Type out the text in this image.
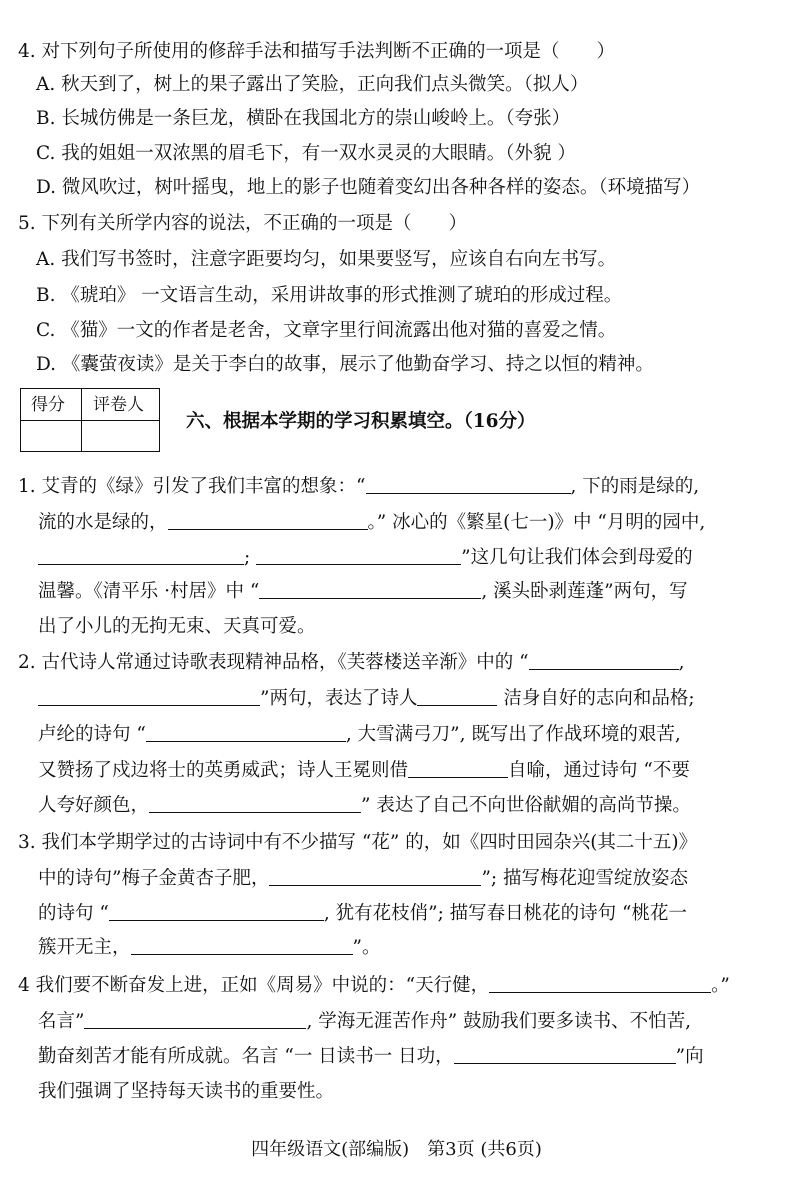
4. 对下列句子所使用的修辞手法和描写手法判断不正确的一项是（　　）
A. 秋天到了，树上的果子露出了笑脸，正向我们点头微笑。（拟人）
B. 长城仿佛是一条巨龙，横卧在我国北方的崇山峻岭上。（夸张）
C. 我的姐姐一双浓黑的眉毛下，有一双水灵灵的大眼睛。（外貌 ）
D. 微风吹过，树叶摇曳，地上的影子也随着变幻出各种各样的姿态。（环境描写）
5. 下列有关所学内容的说法，不正确的一项是（　　）
A. 我们写书签时，注意字距要均匀，如果要竖写，应该自右向左书写。
B. 《琥珀》 一文语言生动，采用讲故事的形式推测了琥珀的形成过程。
C. 《猫》一文的作者是老舍，文章字里行间流露出他对猫的喜爱之情。
D. 《囊萤夜读》是关于李白的故事，展示了他勤奋学习、持之以恒的精神。
得分 评卷人
六、根据本学期的学习积累填空。（16分）
1. 艾青的《绿》引发了我们丰富的想象：“	, 下的雨是绿的,
流的水是绿的，	。” 冰心的《繁星(七一)》中 “月明的园中,
;	”这几句让我们体会到母爱的
温馨。《清平乐 ·村居》中 “	, 溪头卧剥莲蓬”两句，写
出了小儿的无拘无束、天真可爱。
2. 古代诗人常通过诗歌表现精神品格，《芙蓉楼送辛渐》中的 “	,
”两句，表达了诗人	洁身自好的志向和品格;
卢纶的诗句 “	, 大雪满弓刀”, 既写出了作战环境的艰苦,
又赞扬了戍边将士的英勇威武；诗人王冕则借	自喻，通过诗句 “不要
人夸好颜色，	” 表达了自己不向世俗献媚的高尚节操。
3. 我们本学期学过的古诗词中有不少描写 “花” 的，如《四时田园杂兴(其二十五)》
中的诗句”梅子金黄杏子肥，	”; 描写梅花迎雪绽放姿态
的诗句 “	, 犹有花枝俏”; 描写春日桃花的诗句 “桃花一
簇开无主，	”。
4 我们要不断奋发上进，正如《周易》中说的：“天行健，	。”
名言”	, 学海无涯苦作舟” 鼓励我们要多读书、不怕苦,
勤奋刻苦才能有所成就。名言 “一 日读书一 日功，	”向
我们强调了坚持每天读书的重要性。
四年级语文(部编版)　第3页 (共6页)
